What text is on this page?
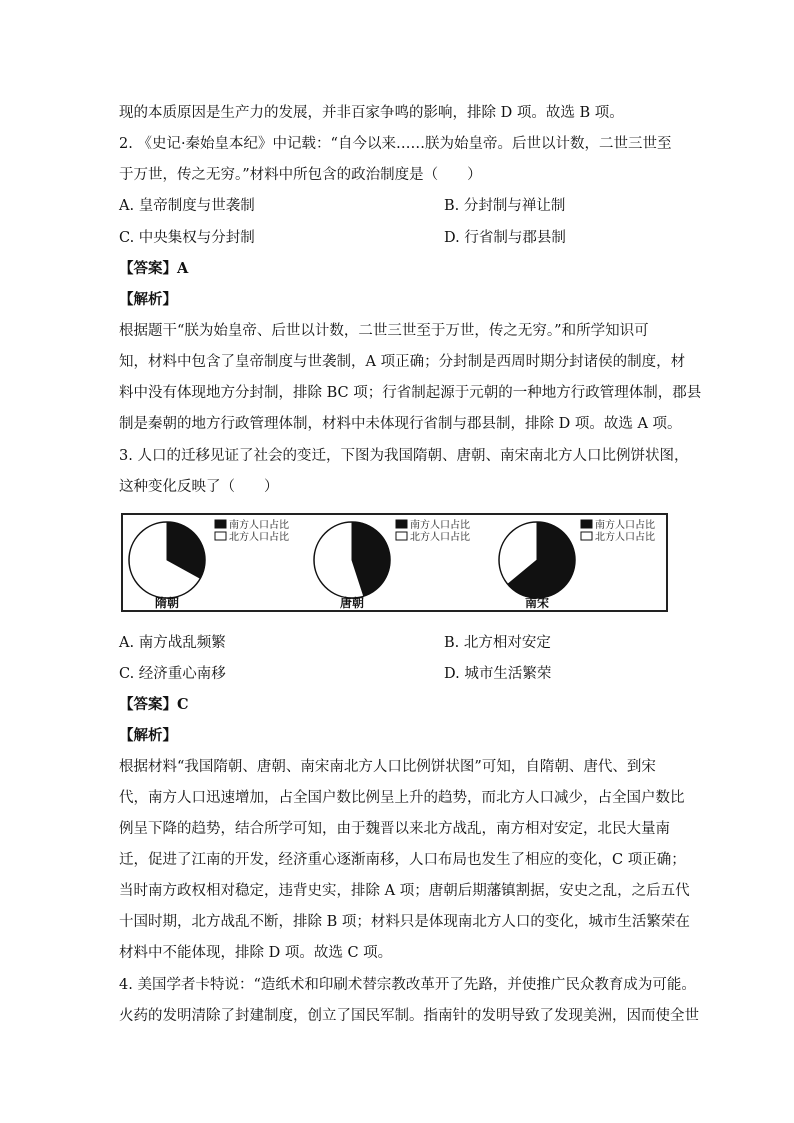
现的本质原因是生产力的发展，并非百家争鸣的影响，排除 D 项。故选 B 项。
2. 《史记·秦始皇本纪》中记载：“自今以来……朕为始皇帝。后世以计数，二世三世至
于万世，传之无穷。”材料中所包含的政治制度是（　　）
A. 皇帝制度与世袭制	B. 分封制与禅让制
C. 中央集权与分封制	D. 行省制与郡县制
【答案】A
【解析】
根据题干“朕为始皇帝、后世以计数，二世三世至于万世，传之无穷。”和所学知识可
知，材料中包含了皇帝制度与世袭制，A 项正确；分封制是西周时期分封诸侯的制度，材
料中没有体现地方分封制，排除 BC 项；行省制起源于元朝的一种地方行政管理体制，郡县
制是秦朝的地方行政管理体制，材料中未体现行省制与郡县制，排除 D 项。故选 A 项。
3. 人口的迁移见证了社会的变迁，下图为我国隋朝、唐朝、南宋南北方人口比例饼状图，
这种变化反映了（　　）
隋朝
南方人口占比
北方人口占比
唐朝
南方人口占比
北方人口占比
南宋
南方人口占比
北方人口占比
A. 南方战乱频繁	B. 北方相对安定
C. 经济重心南移	D. 城市生活繁荣
【答案】C
【解析】
根据材料“我国隋朝、唐朝、南宋南北方人口比例饼状图”可知，自隋朝、唐代、到宋
代，南方人口迅速增加，占全国户数比例呈上升的趋势，而北方人口减少，占全国户数比
例呈下降的趋势，结合所学可知，由于魏晋以来北方战乱，南方相对安定，北民大量南
迁，促进了江南的开发，经济重心逐渐南移，人口布局也发生了相应的变化，C 项正确；
当时南方政权相对稳定，违背史实，排除 A 项；唐朝后期藩镇割据，安史之乱，之后五代
十国时期，北方战乱不断，排除 B 项；材料只是体现南北方人口的变化，城市生活繁荣在
材料中不能体现，排除 D 项。故选 C 项。
4. 美国学者卡特说：“造纸术和印刷术替宗教改革开了先路，并使推广民众教育成为可能。
火药的发明清除了封建制度，创立了国民军制。指南针的发明导致了发现美洲，因而使全世
